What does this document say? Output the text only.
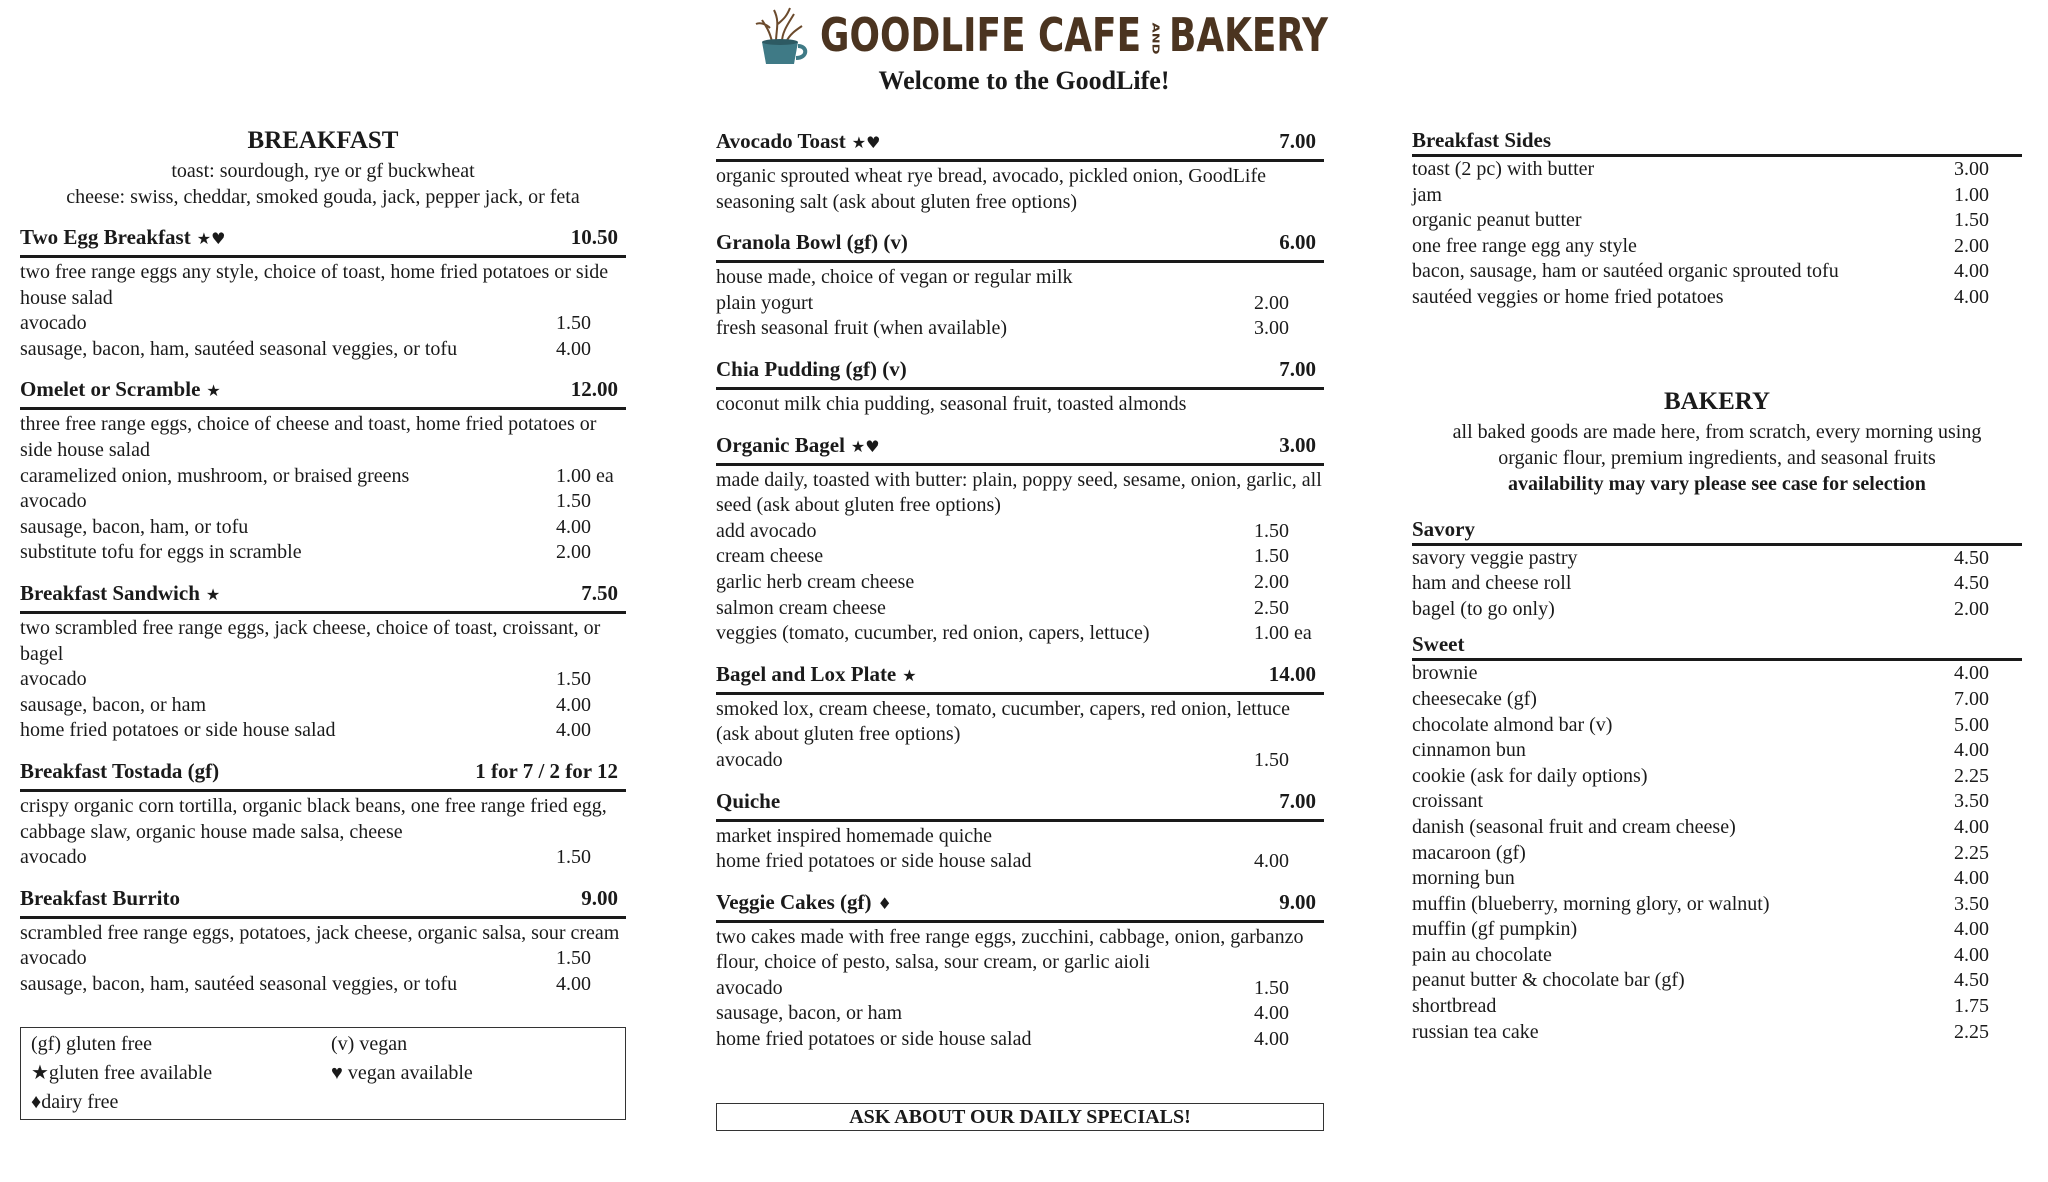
GOODLIFE CAFE AND BAKERY
Welcome to the GoodLife!
BREAKFAST
toast: sourdough, rye or gf buckwheat
cheese: swiss, cheddar, smoked gouda, jack, pepper jack, or feta
Two Egg Breakfast ★♥	10.50
two free range eggs any style, choice of toast, home fried potatoes or side house salad
avocado	1.50
sausage, bacon, ham, sautéed seasonal veggies, or tofu	4.00
Omelet or Scramble ★	12.00
three free range eggs, choice of cheese and toast, home fried potatoes or side house salad
caramelized onion, mushroom, or braised greens	1.00 ea
avocado	1.50
sausage, bacon, ham, or tofu	4.00
substitute tofu for eggs in scramble	2.00
Breakfast Sandwich ★	7.50
two scrambled free range eggs, jack cheese, choice of toast, croissant, or bagel
avocado	1.50
sausage, bacon, or ham	4.00
home fried potatoes or side house salad	4.00
Breakfast Tostada (gf)	1 for 7 / 2 for 12
crispy organic corn tortilla, organic black beans, one free range fried egg, cabbage slaw, organic house made salsa, cheese
avocado	1.50
Breakfast Burrito	9.00
scrambled free range eggs, potatoes, jack cheese, organic salsa, sour cream
avocado	1.50
sausage, bacon, ham, sautéed seasonal veggies, or tofu	4.00
(gf) gluten free	(v) vegan
★gluten free available	♥ vegan available
♦dairy free
Avocado Toast ★♥	7.00
organic sprouted wheat rye bread, avocado, pickled onion, GoodLife seasoning salt (ask about gluten free options)
Granola Bowl (gf) (v)	6.00
house made, choice of vegan or regular milk
plain yogurt	2.00
fresh seasonal fruit (when available)	3.00
Chia Pudding (gf) (v)	7.00
coconut milk chia pudding, seasonal fruit, toasted almonds
Organic Bagel ★♥	3.00
made daily, toasted with butter: plain, poppy seed, sesame, onion, garlic, all seed (ask about gluten free options)
add avocado	1.50
cream cheese	1.50
garlic herb cream cheese	2.00
salmon cream cheese	2.50
veggies (tomato, cucumber, red onion, capers, lettuce)	1.00 ea
Bagel and Lox Plate ★	14.00
smoked lox, cream cheese, tomato, cucumber, capers, red onion, lettuce (ask about gluten free options)
avocado	1.50
Quiche	7.00
market inspired homemade quiche
home fried potatoes or side house salad	4.00
Veggie Cakes (gf) ♦	9.00
two cakes made with free range eggs, zucchini, cabbage, onion, garbanzo flour, choice of pesto, salsa, sour cream, or garlic aioli
avocado	1.50
sausage, bacon, or ham	4.00
home fried potatoes or side house salad	4.00
ASK ABOUT OUR DAILY SPECIALS!
Breakfast Sides
toast (2 pc) with butter	3.00
jam	1.00
organic peanut butter	1.50
one free range egg any style	2.00
bacon, sausage, ham or sautéed organic sprouted tofu	4.00
sautéed veggies or home fried potatoes	4.00
BAKERY
all baked goods are made here, from scratch, every morning using
organic flour, premium ingredients, and seasonal fruits
availability may vary please see case for selection
Savory
savory veggie pastry	4.50
ham and cheese roll	4.50
bagel (to go only)	2.00
Sweet
brownie	4.00
cheesecake (gf)	7.00
chocolate almond bar (v)	5.00
cinnamon bun	4.00
cookie (ask for daily options)	2.25
croissant	3.50
danish (seasonal fruit and cream cheese)	4.00
macaroon (gf)	2.25
morning bun	4.00
muffin (blueberry, morning glory, or walnut)	3.50
muffin (gf pumpkin)	4.00
pain au chocolate	4.00
peanut butter & chocolate bar (gf)	4.50
shortbread	1.75
russian tea cake	2.25
